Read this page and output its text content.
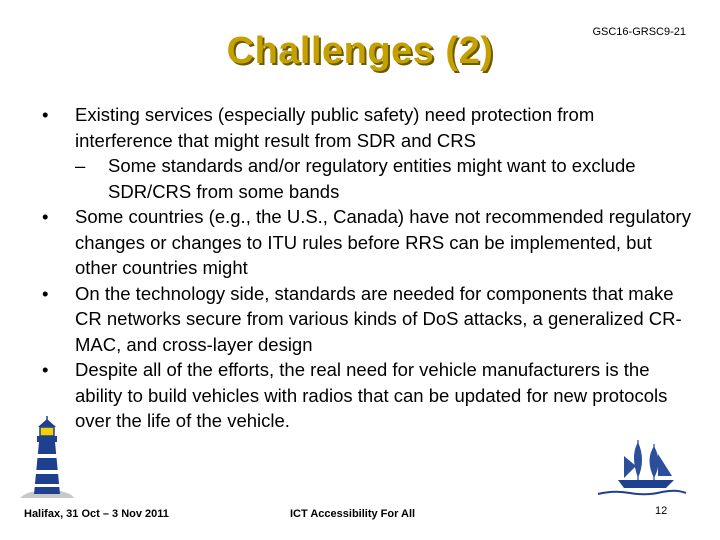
Challenges (2)	GSC16-GRSC9-21
• Existing services (especially public safety) need protection from interference that might result from SDR and CRS
– Some standards and/or regulatory entities might want to exclude SDR/CRS from some bands
• Some countries (e.g., the U.S., Canada) have not recommended regulatory changes or changes to ITU rules before RRS can be implemented, but other countries might
• On the technology side, standards are needed for components that make CR networks secure from various kinds of DoS attacks, a generalized CR-MAC, and cross-layer design
• Despite all of the efforts, the real need for vehicle manufacturers is the ability to build vehicles with radios that can be updated for new protocols over the life of the vehicle.
Halifax, 31 Oct – 3 Nov 2011	ICT Accessibility For All	12
